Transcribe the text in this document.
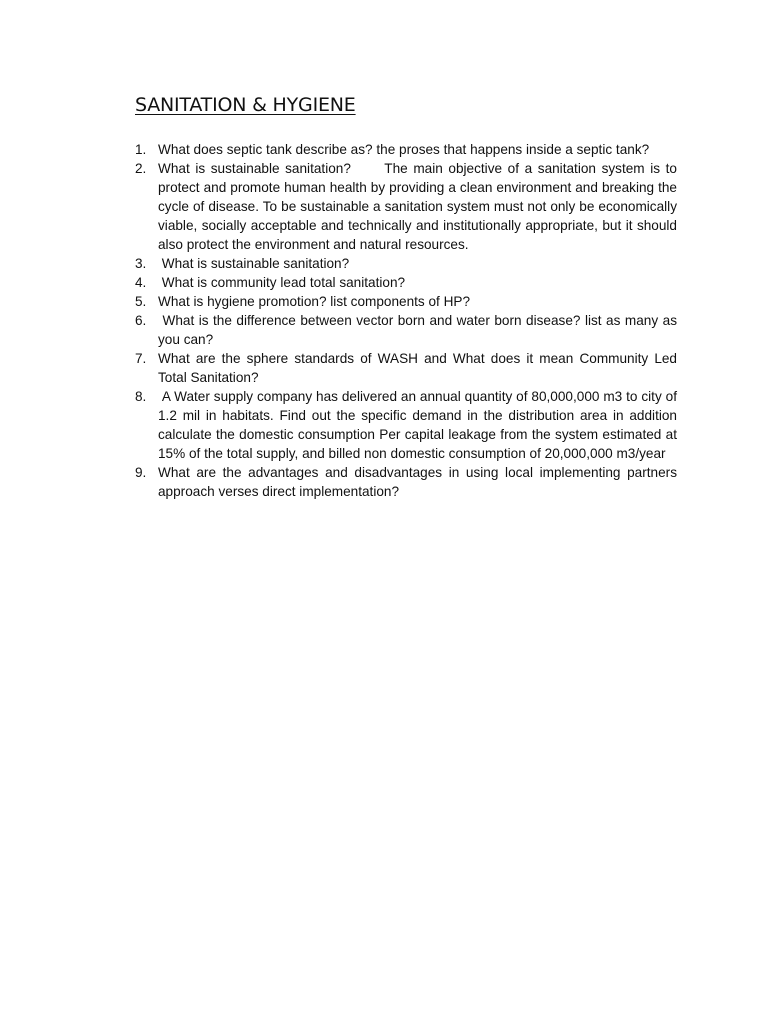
SANITATION & HYGIENE
1. What does septic tank describe as? the proses that happens inside a septic tank?
2. What is sustainable sanitation?      The main objective of a sanitation system is to protect and promote human health by providing a clean environment and breaking the cycle of disease. To be sustainable a sanitation system must not only be economically viable, socially acceptable and technically and institutionally appropriate, but it should also protect the environment and natural resources.
3. What is sustainable sanitation?
4. What is community lead total sanitation?
5. What is hygiene promotion? list components of HP?
6. What is the difference between vector born and water born disease? list as many as you can?
7. What are the sphere standards of WASH and What does it mean Community Led Total Sanitation?
8. A Water supply company has delivered an annual quantity of 80,000,000 m3 to city of 1.2 mil in habitats. Find out the specific demand in the distribution area in addition calculate the domestic consumption Per capital leakage from the system estimated at 15% of the total supply, and billed non domestic consumption of 20,000,000 m3/year
9. What are the advantages and disadvantages in using local implementing partners approach verses direct implementation?
